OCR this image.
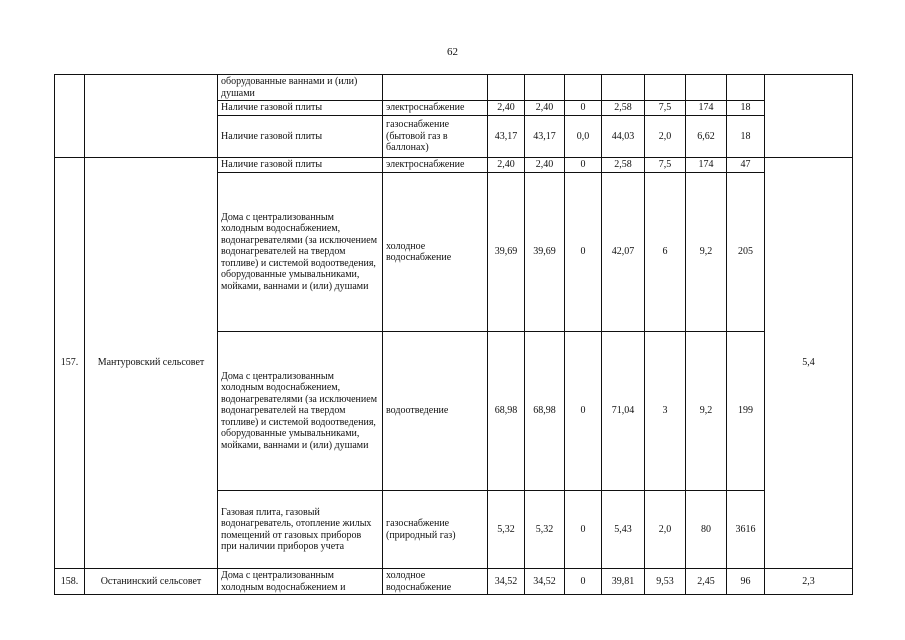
62
		оборудованные ваннами и (или) душами									
		Наличие газовой плиты	электроснабжение	2,40	2,40	0	2,58	7,5	174	18	
		Наличие газовой плиты	газоснабжение (бытовой газ в баллонах)	43,17	43,17	0,0	44,03	2,0	6,62	18	
157.	Мантуровский сельсовет	Наличие газовой плиты	электроснабжение	2,40	2,40	0	2,58	7,5	174	47	5,4
		Дома с централизованным холодным водоснабжением, водонагревателями (за исключением водонагревателей на твердом топливе) и системой водоотведения, оборудованные умывальниками, мойками, ваннами и (или) душами	холодное водоснабжение	39,69	39,69	0	42,07	6	9,2	205	
		Дома с централизованным холодным водоснабжением, водонагревателями (за исключением водонагревателей на твердом топливе) и системой водоотведения, оборудованные умывальниками, мойками, ваннами и (или) душами	водоотведение	68,98	68,98	0	71,04	3	9,2	199	
		Газовая плита, газовый водонагреватель, отопление жилых помещений от газовых приборов при наличии приборов учета	газоснабжение (природный газ)	5,32	5,32	0	5,43	2,0	80	3616	
158.	Останинский сельсовет	Дома с централизованным холодным водоснабжением и	холодное водоснабжение	34,52	34,52	0	39,81	9,53	2,45	96	2,3
